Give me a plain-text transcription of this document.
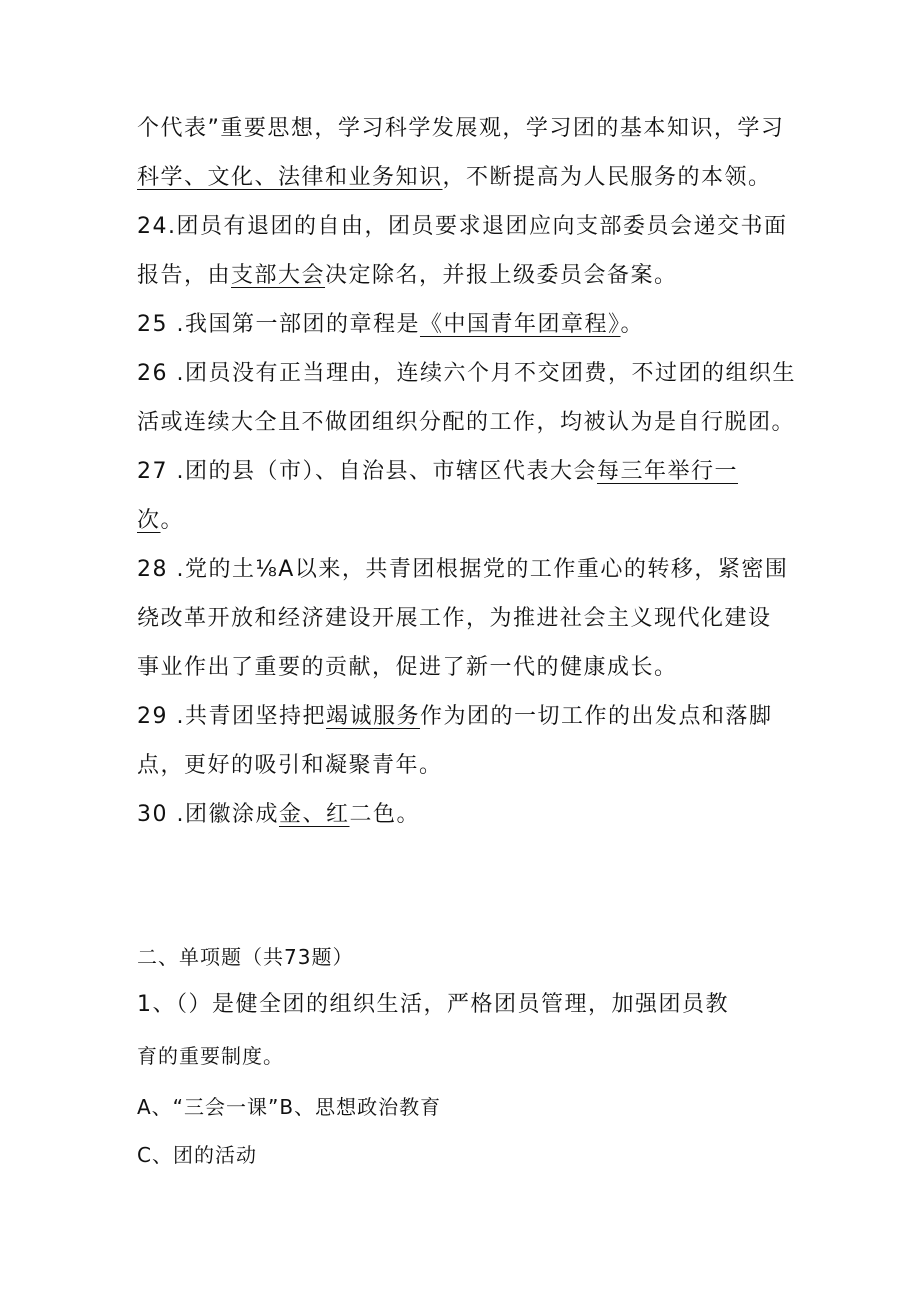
个代表”重要思想，学习科学发展观，学习团的基本知识，学习
科学、文化、法律和业务知识，不断提高为人民服务的本领。
24.团员有退团的自由，团员要求退团应向支部委员会递交书面
报告，由支部大会决定除名，并报上级委员会备案。
25 .我国第一部团的章程是《中国青年团章程》。
26 .团员没有正当理由，连续六个月不交团费，不过团的组织生
活或连续大仝且不做团组织分配的工作，均被认为是自行脱团。
27 .团的县（市）、自治县、市辖区代表大会每三年举行一
次。
28 .党的土⅛A以来，共青团根据党的工作重心的转移，紧密围
绕改革开放和经济建设开展工作，为推进社会主义现代化建设
事业作出了重要的贡献，促进了新一代的健康成长。
29 .共青团坚持把竭诚服务作为团的一切工作的出发点和落脚
点，更好的吸引和凝聚青年。
30 .团徽涂成金、红二色。
二、单项题（共73题）
1、（）是健全团的组织生活，严格团员管理，加强团员教
育的重要制度。
A、“三会一课”B、思想政治教育
C、团的活动
